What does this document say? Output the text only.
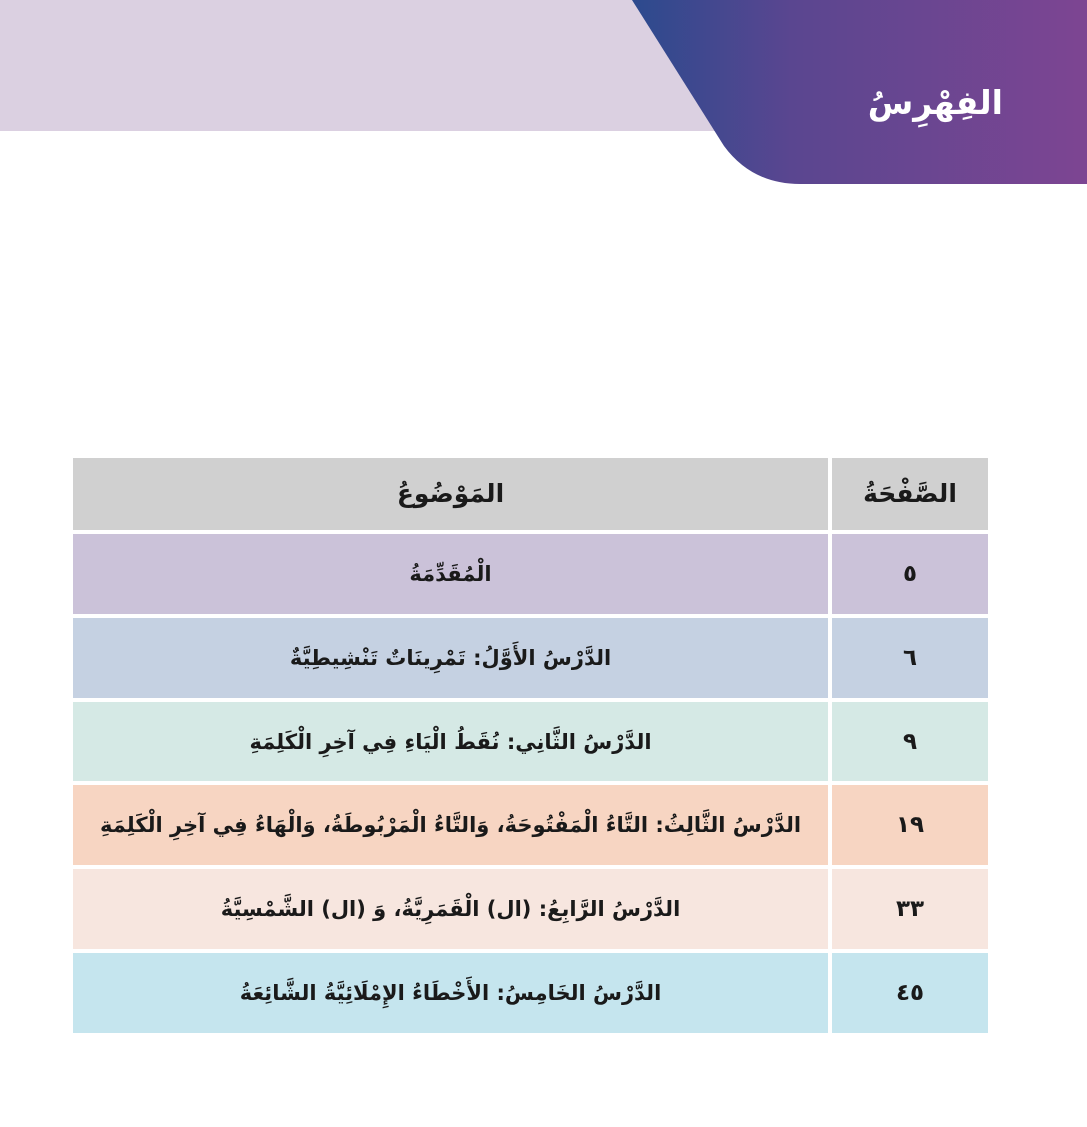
الفِهْرِسُ
الصَّفْحَةُ
المَوْضُوعُ
٥
الْمُقَدِّمَةُ
٦
الدَّرْسُ الأَوَّلُ: تَمْرِينَاتٌ تَنْشِيطِيَّةٌ
٩
الدَّرْسُ الثَّانِي: نُقَطُ الْيَاءِ فِي آخِرِ الْكَلِمَةِ
١٩
الدَّرْسُ الثَّالِثُ: التَّاءُ الْمَفْتُوحَةُ، وَالتَّاءُ الْمَرْبُوطَةُ، وَالْهَاءُ فِي آخِرِ الْكَلِمَةِ
٣٣
الدَّرْسُ الرَّابِعُ: (ال) الْقَمَرِيَّةُ، وَ (ال) الشَّمْسِيَّةُ
٤٥
الدَّرْسُ الخَامِسُ: الأَخْطَاءُ الإِمْلَائِيَّةُ الشَّائِعَةُ
